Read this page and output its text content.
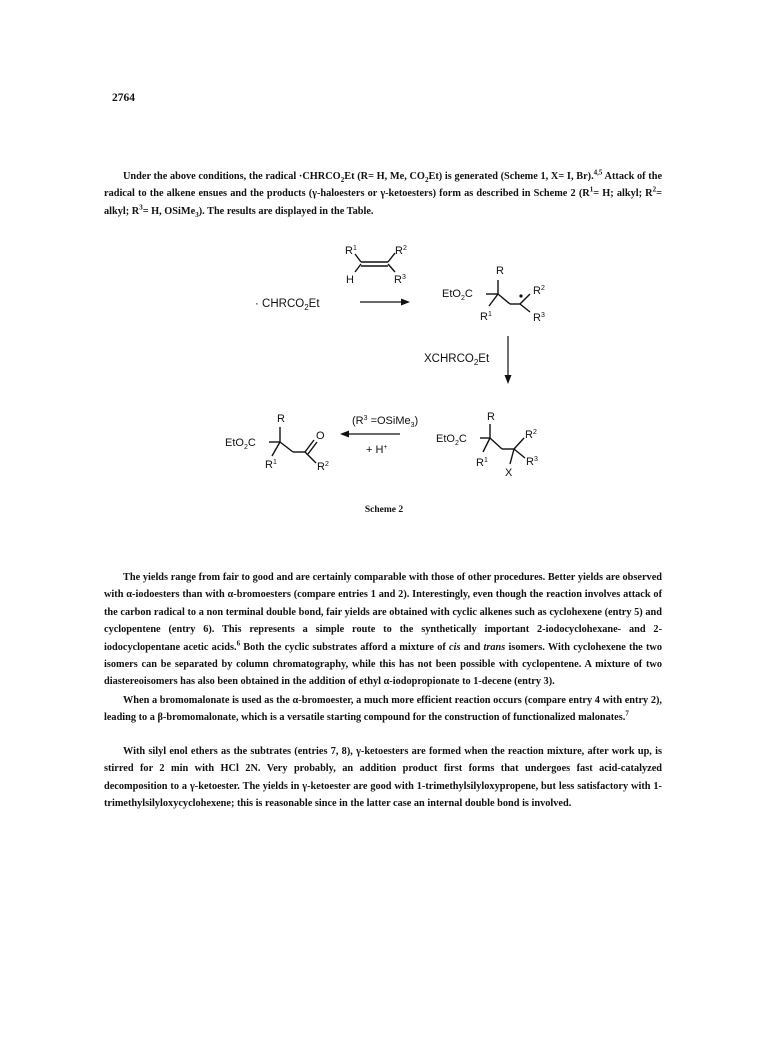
2764

Under the above conditions, the radical $\cdot CHRCO_2Et$ (R= H, Me, $CO_2Et$) is generated (Scheme 1, X= I, Br).$^{4,5}$ Attack of the radical to the alkene ensues and the products (γ-haloesters or γ-ketoesters) form as described in Scheme 2 ($R^1= H$; alkyl; $R^2=$ alkyl; $R^3= H$, OSiMe$_3$). The results are displayed in the Table.

$R^1$	$R^2$
H	$R^3$
· $CHRCO_2Et$
R
EtO$_2$C	$R^2$
$R^1$	$R^3$
$XCHRCO_2Et$
($R^3$ =OSiMe$_3$)
+ H+
R
EtO$_2$C
O
$R^1$	$R^2$
R
EtO$_2$C	$R^2$
$R^1$	$R^3$
X
Scheme 2

The yields range from fair to good and are certainly comparable with those of other procedures. Better yields are observed with α-iodoesters than with α-bromoesters (compare entries 1 and 2). Interestingly, even though the reaction involves attack of the carbon radical to a non terminal double bond, fair yields are obtained with cyclic alkenes such as cyclohexene (entry 5) and cyclopentene (entry 6). This represents a simple route to the synthetically important 2-iodocyclohexane- and 2-iodocyclopentane acetic acids.$^6$ Both the cyclic substrates afford a mixture of cis and trans isomers. With cyclohexene the two isomers can be separated by column chromatography, while this has not been possible with cyclopentene. A mixture of two diastereoisomers has also been obtained in the addition of ethyl α-iodopropionate to 1-decene (entry 3).

When a bromomalonate is used as the α-bromoester, a much more efficient reaction occurs (compare entry 4 with entry 2), leading to a β-bromomalonate, which is a versatile starting compound for the construction of functionalized malonates.$^7$

With silyl enol ethers as the subtrates (entries 7, 8), γ-ketoesters are formed when the reaction mixture, after work up, is stirred for 2 min with HCl 2N. Very probably, an addition product first forms that undergoes fast acid-catalyzed decomposition to a γ-ketoester. The yields in γ-ketoester are good with 1-trimethylsilyloxypropene, but less satisfactory with 1-trimethylsilyloxycyclohexene; this is reasonable since in the latter case an internal double bond is involved.
